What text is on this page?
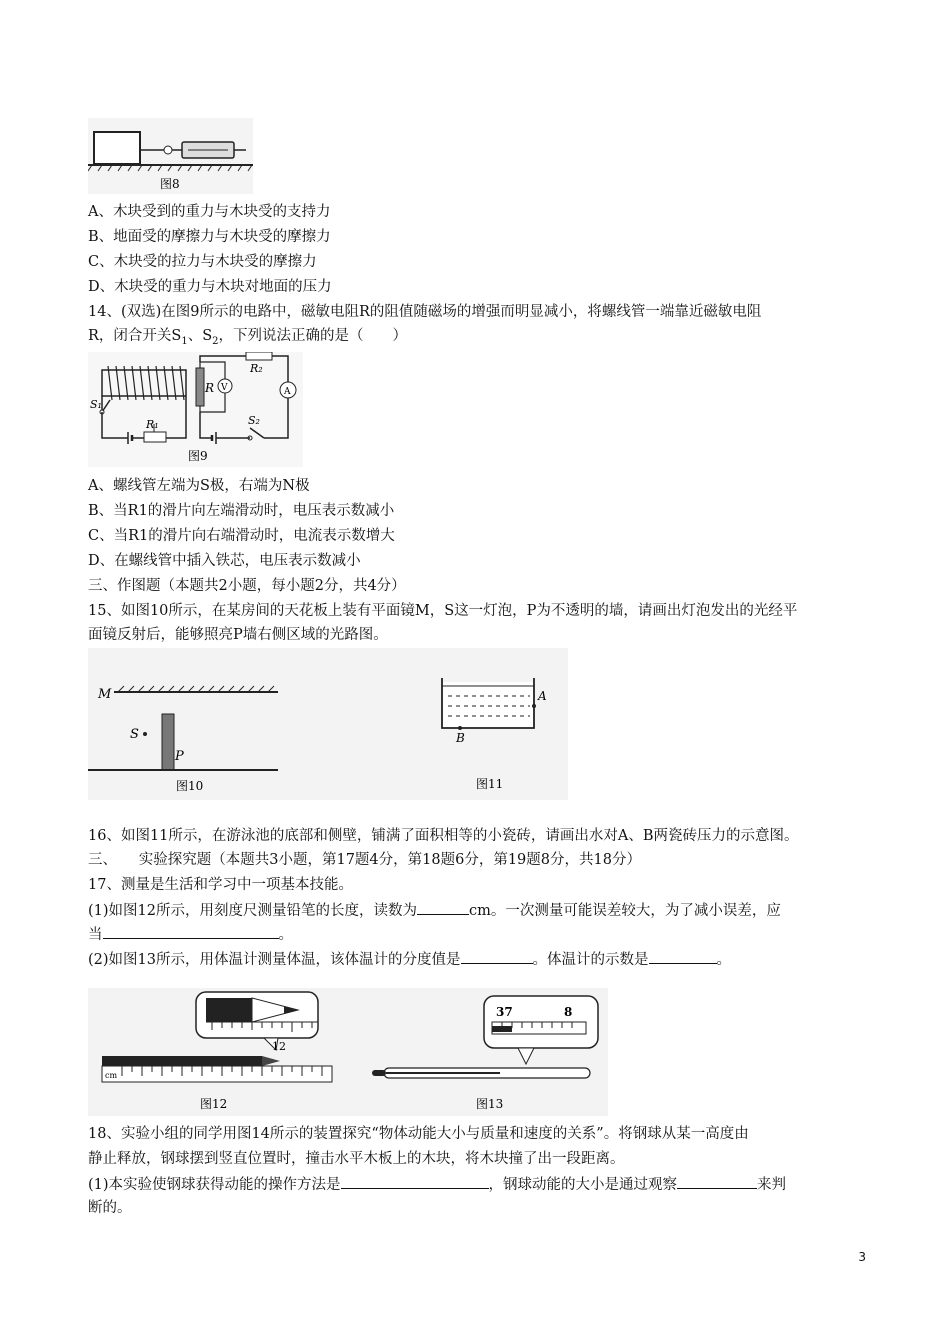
图8
A、木块受到的重力与木块受的支持力
B、地面受的摩擦力与木块受的摩擦力
C、木块受的拉力与木块受的摩擦力
D、木块受的重力与木块对地面的压力
14、(双选)在图9所示的电路中，磁敏电阻R的阻值随磁场的增强而明显减小，将螺线管一端靠近磁敏电阻
R，闭合开关$S_1$、$S_2$，下列说法正确的是（　　）
S₁
R₁
R V
R₂
A
S₂
图9
A、螺线管左端为S极，右端为N极
B、当R1的滑片向左端滑动时，电压表示数减小
C、当R1的滑片向右端滑动时，电流表示数增大
D、在螺线管中插入铁芯，电压表示数减小
三、作图题（本题共2小题，每小题2分，共4分）
15、如图10所示，在某房间的天花板上装有平面镜M，S这一灯泡，P为不透明的墙，请画出灯泡发出的光经平
面镜反射后，能够照亮P墙右侧区域的光路图。
M
S
P
图10
A
B
图11
16、如图11所示，在游泳池的底部和侧壁，铺满了面积相等的小瓷砖，请画出水对A、B两瓷砖压力的示意图。
三、　　实验探究题（本题共3小题，第17题4分，第18题6分，第19题8分，共18分）
17、测量是生活和学习中一项基本技能。
(1)如图12所示，用刻度尺测量铅笔的长度，读数为	cm。一次测量可能误差较大，为了减小误差，应
当	。
(2)如图13所示，用体温计测量体温，该体温计的分度值是	。体温计的示数是	。
12
cm
图12
37	8
图13
18、实验小组的同学用图14所示的装置探究“物体动能大小与质量和速度的关系”。将钢球从某一高度由
静止释放，钢球摆到竖直位置时，撞击水平木板上的木块，将木块撞了出一段距离。
(1)本实验使钢球获得动能的操作方法是	，钢球动能的大小是通过观察	来判
断的。
3
